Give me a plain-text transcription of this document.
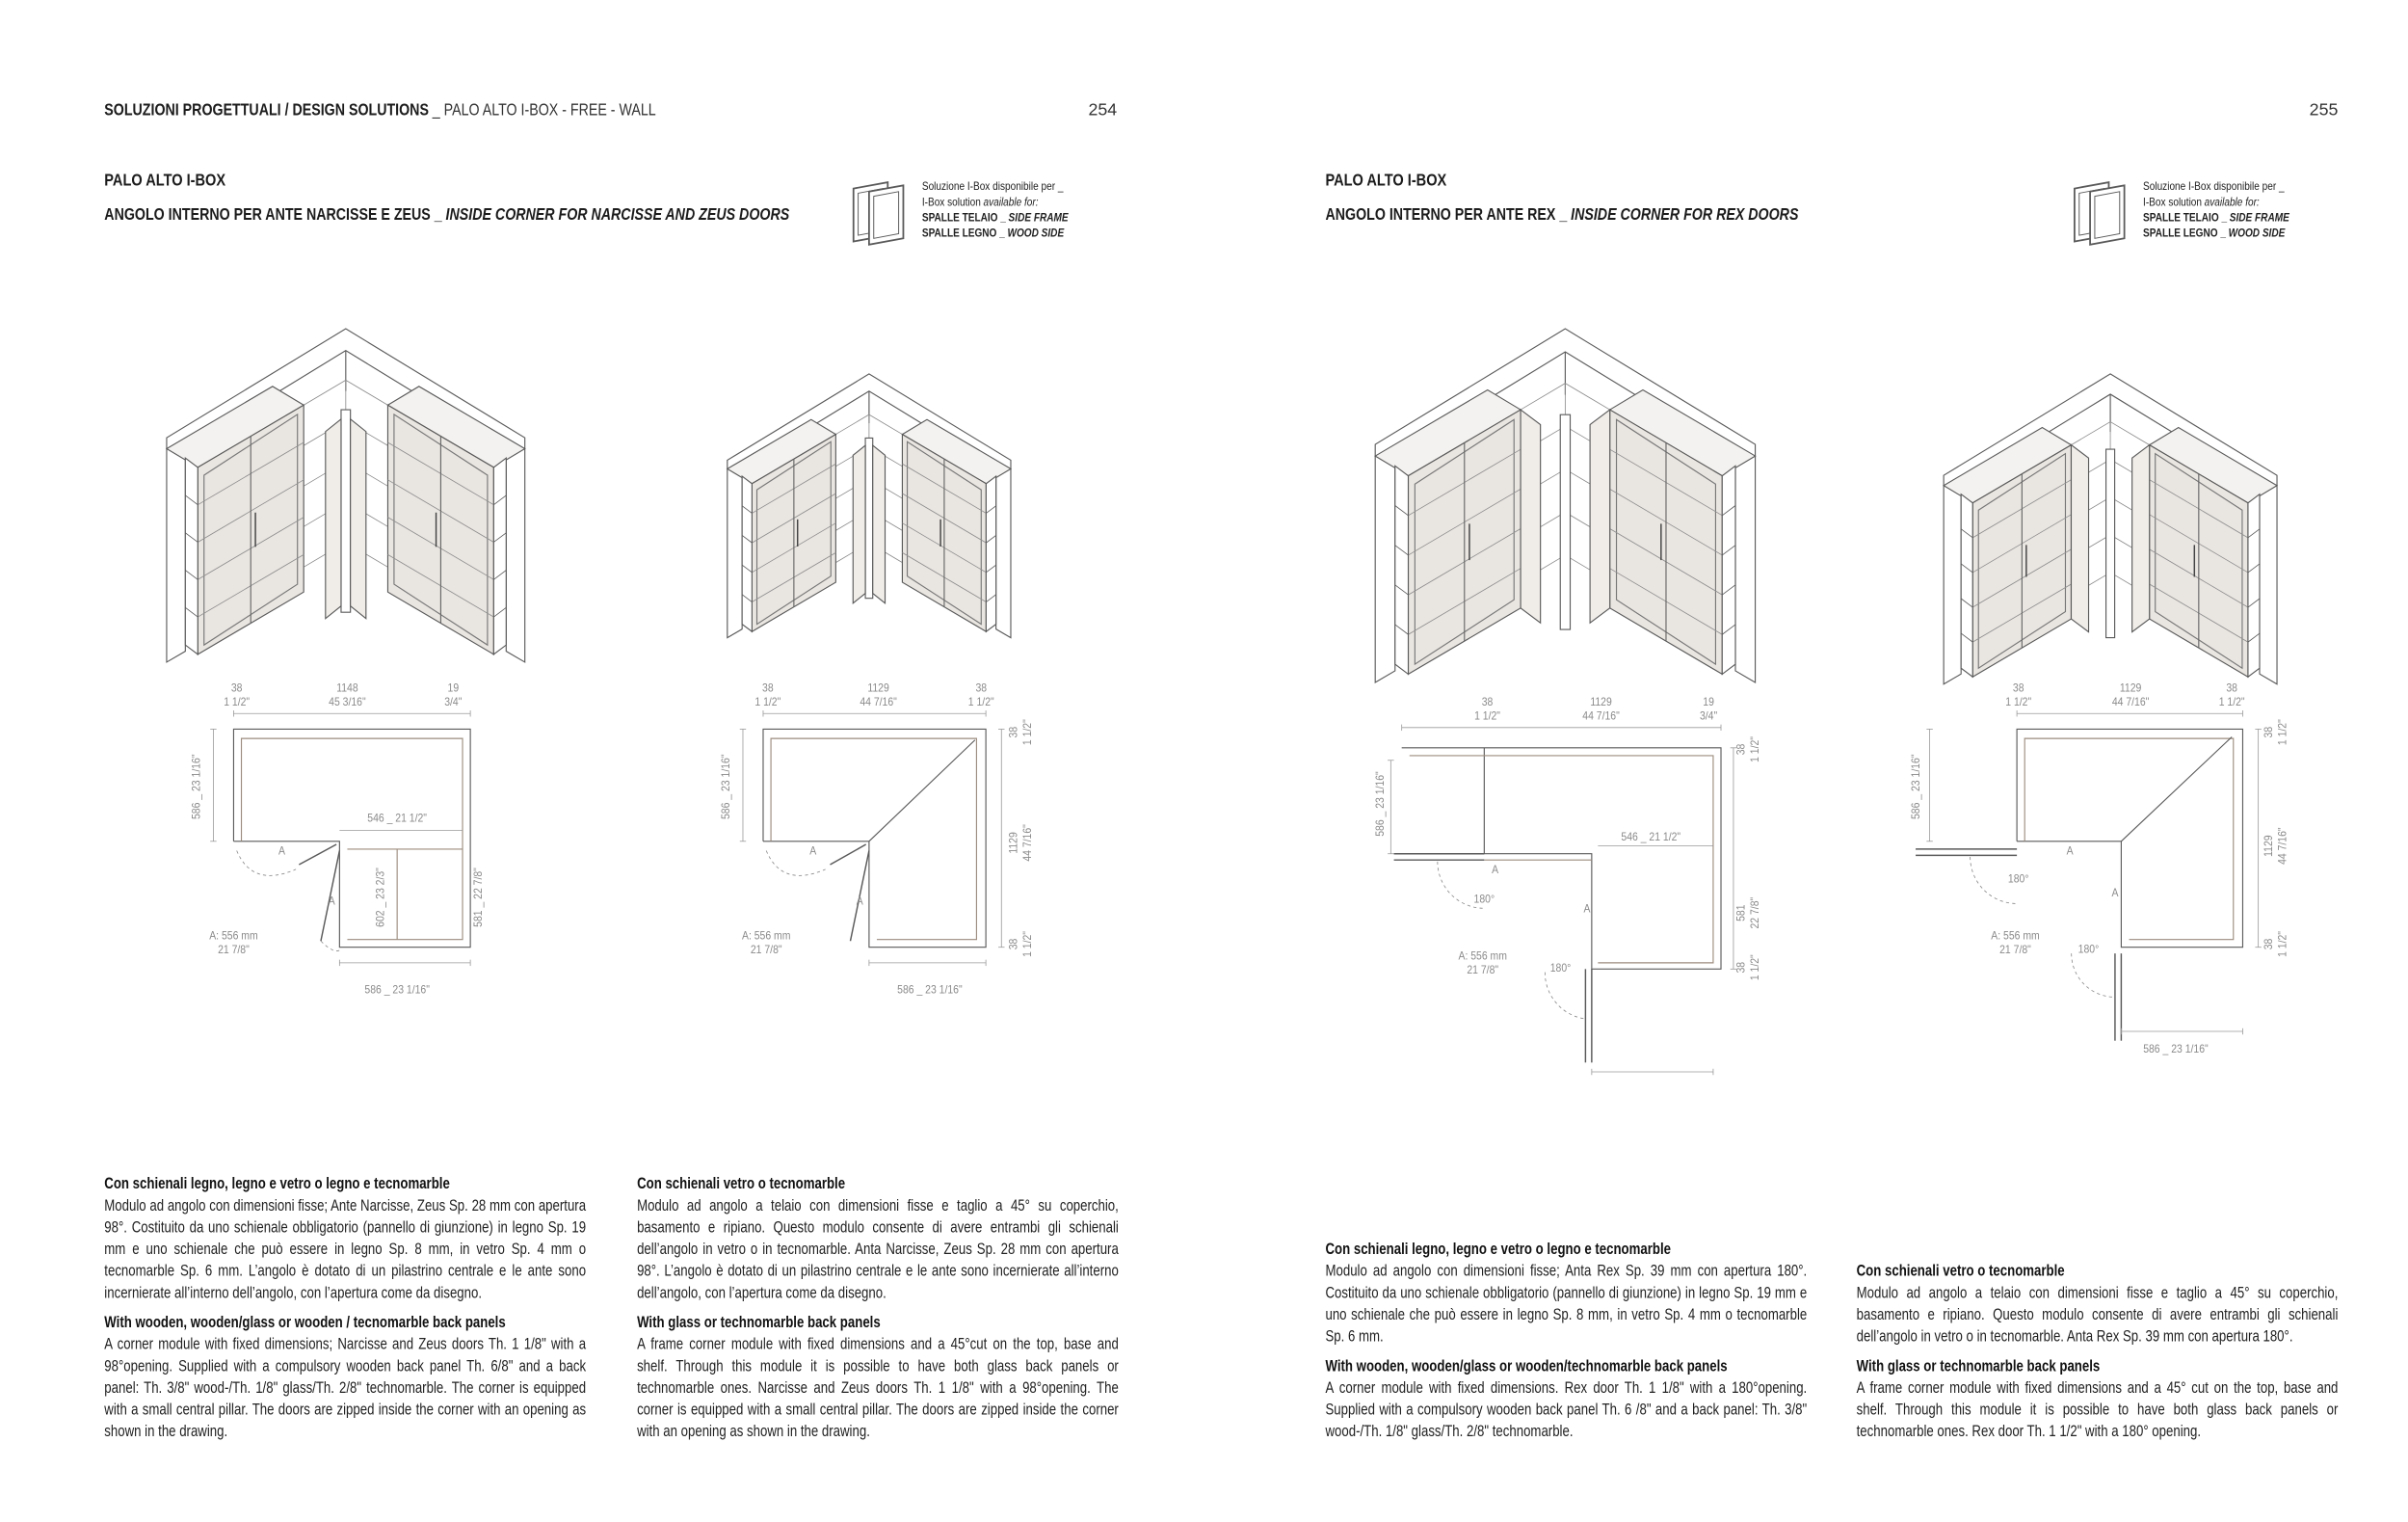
SOLUZIONI PROGETTUALI / DESIGN SOLUTIONS _ PALO ALTO I-BOX - FREE - WALL	254	255
PALO ALTO I-BOX
ANGOLO INTERNO PER ANTE NARCISSE E ZEUS _ INSIDE CORNER FOR NARCISSE AND ZEUS DOORS
PALO ALTO I-BOX
ANGOLO INTERNO PER ANTE REX _ INSIDE CORNER FOR REX DOORS
Soluzione I-Box disponibile per _
I-Box solution available for:
SPALLE TELAIO _ SIDE FRAME
SPALLE LEGNO _ WOOD SIDE
Soluzione I-Box disponibile per _
I-Box solution available for:
SPALLE TELAIO _ SIDE FRAME
SPALLE LEGNO _ WOOD SIDE
38
1 1/2"
1148
45 3/16"
19
3/4"
586 _ 23 1/16"	546 _ 21 1/2"
A
A	602 _ 23 2/3"	581 _ 22 7/8"
A: 556 mm
21 7/8"
586 _ 23 1/16"
38
1 1/2"
1129
44 7/16"
38
1 1/2"
38
1 1/2"
1129
44 7/16"
38
1 1/2"
586 _ 23 1/16"
A
A
A: 556 mm
21 7/8"
586 _ 23 1/16"
38
1 1/2"
1129
44 7/16"
19
3/4"
38
1 1/2"
586 _ 23 1/16"
546 _ 21 1/2"
A
180°
A	581
22 7/8"
A: 556 mm
21 7/8"	180°	38
1 1/2"
38
1 1/2"
1129
44 7/16"
38
1 1/2"
38
1 1/2"
1129
44 7/16"
38
1 1/2"
586 _ 23 1/16"
A
180°
A
A: 556 mm
21 7/8"	180°
586 _ 23 1/16"
Con schienali legno, legno e vetro o legno e tecnomarble

Modulo ad angolo con dimensioni fisse; Ante Narcisse, Zeus Sp. 28 mm con apertura 98°. Costituito da uno schienale obbligatorio (pannello di giunzione) in legno Sp. 19 mm e uno schienale che può essere in legno Sp. 8 mm, in vetro Sp. 4 mm o tecnomarble Sp. 6 mm. L’angolo è dotato di un pilastrino centrale e le ante sono incernierate all’interno dell’angolo, con l’apertura come da disegno.

With wooden, wooden/glass or wooden / tecnomarble back panels

A corner module with fixed dimensions; Narcisse and Zeus doors Th. 1 1/8" with a 98°opening. Supplied with a compulsory wooden back panel Th. 6/8" and a back panel: Th. 3/8" wood-/Th. 1/8" glass/Th. 2/8" technomarble. The corner is equipped with a small central pillar. The doors are zipped inside the corner with an opening as shown in the drawing.

Con schienali vetro o tecnomarble

Modulo ad angolo a telaio con dimensioni fisse e taglio a 45° su coperchio, basamento e ripiano. Questo modulo consente di avere entrambi gli schienali dell’angolo in vetro o in tecnomarble. Anta Narcisse, Zeus Sp. 28 mm con apertura 98°. L’angolo è dotato di un pilastrino centrale e le ante sono incernierate all’interno dell’angolo, con l’apertura come da disegno.

With glass or technomarble back panels

A frame corner module with fixed dimensions and a 45°cut on the top, base and shelf. Through this module it is possible to have both glass back panels or technomarble ones. Narcisse and Zeus doors Th. 1 1/8" with a 98°opening. The corner is equipped with a small central pillar. The doors are zipped inside the corner with an opening as shown in the drawing.

Con schienali legno, legno e vetro o legno e tecnomarble

Modulo ad angolo con dimensioni fisse; Anta Rex Sp. 39 mm con apertura 180°. Costituito da uno schienale obbligatorio (pannello di giunzione) in legno Sp. 19 mm e uno schienale che può essere in legno Sp. 8 mm, in vetro Sp. 4 mm o tecnomarble Sp. 6 mm.

With wooden, wooden/glass or wooden/technomarble back panels

A corner module with fixed dimensions. Rex door Th. 1 1/8" with a 180°opening. Supplied with a compulsory wooden back panel Th. 6 /8" and a back panel: Th. 3/8" wood-/Th. 1/8" glass/Th. 2/8" technomarble.

Con schienali vetro o tecnomarble

Modulo ad angolo a telaio con dimensioni fisse e taglio a 45° su coperchio, basamento e ripiano. Questo modulo consente di avere entrambi gli schienali dell’angolo in vetro o in tecnomarble. Anta Rex Sp. 39 mm con apertura 180°.

With glass or technomarble back panels

A frame corner module with fixed dimensions and a 45° cut on the top, base and shelf. Through this module it is possible to have both glass back panels or technomarble ones. Rex door Th. 1 1/2" with a 180° opening.
